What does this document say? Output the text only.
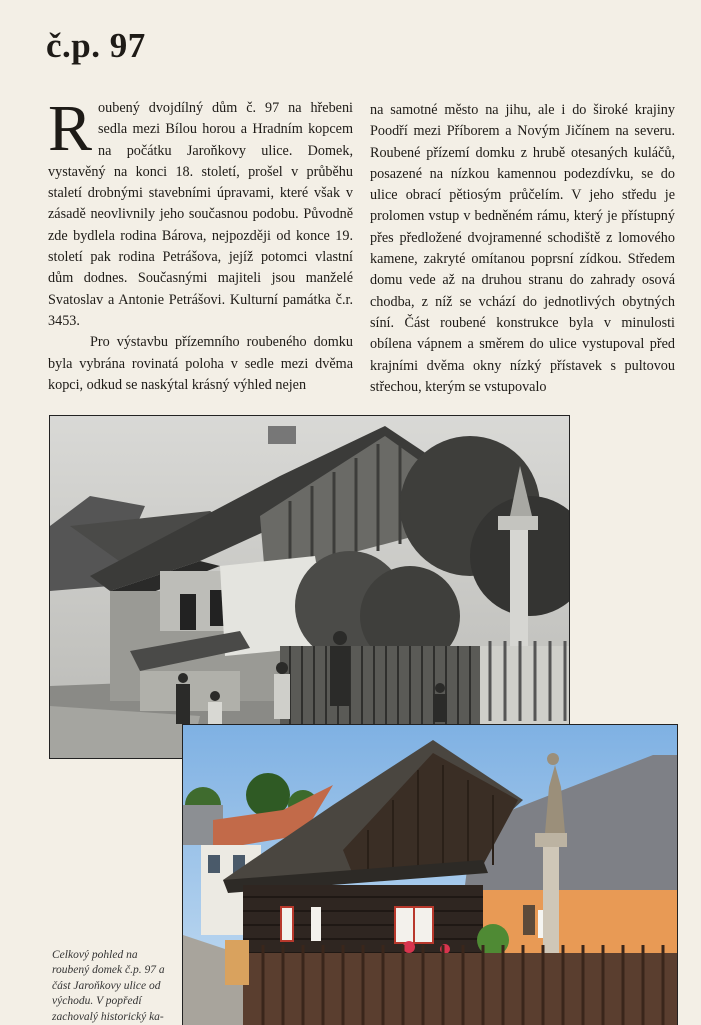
č.p. 97

Roubený dvojdílný dům č. 97 na hřebeni sedla mezi Bílou horou a Hradním kopcem na počátku Jaroňkovy ulice. Domek, vystavěný na konci 18. století, prošel v průběhu staletí drobnými stavebními úpravami, které však v zásadě neovlivnily jeho současnou podobu. Původně zde bydlela rodina Bárova, nejpozději od konce 19. století pak rodina Petrášova, jejíž potomci vlastní dům dodnes. Současnými majiteli jsou manželé Svatoslav a Antonie Petrášovi. Kulturní památka č.r. 3453.

Pro výstavbu přízemního roubeného domku byla vybrána rovinatá poloha v sedle mezi dvěma kopci, odkud se naskýtal krásný výhled nejen

na samotné město na jihu, ale i do široké krajiny Poodří mezi Příborem a Novým Jičínem na severu. Roubené přízemí domku z hrubě otesaných kuláčů, posazené na nízkou kamennou podezdívku, se do ulice obrací pětiosým průčelím. V jeho středu je prolomen vstup v bedněném rámu, který je přístupný přes předložené dvojramenné schodiště z lomového kamene, zakryté omítanou poprsní zídkou. Středem domu vede až na druhou stranu do zahrady osová chodba, z níž se vchází do jednotlivých obytných síní. Část roubené konstrukce byla v minulosti obílena vápnem a směrem do ulice vystupoval před krajními dvěma okny nízký přístavek s pultovou střechou, kterým se vstupovalo

Celkový pohled na roubený domek č.p. 97 a část Jaroňkovy ulice od východu. V popředí zachovalý historický ka-
